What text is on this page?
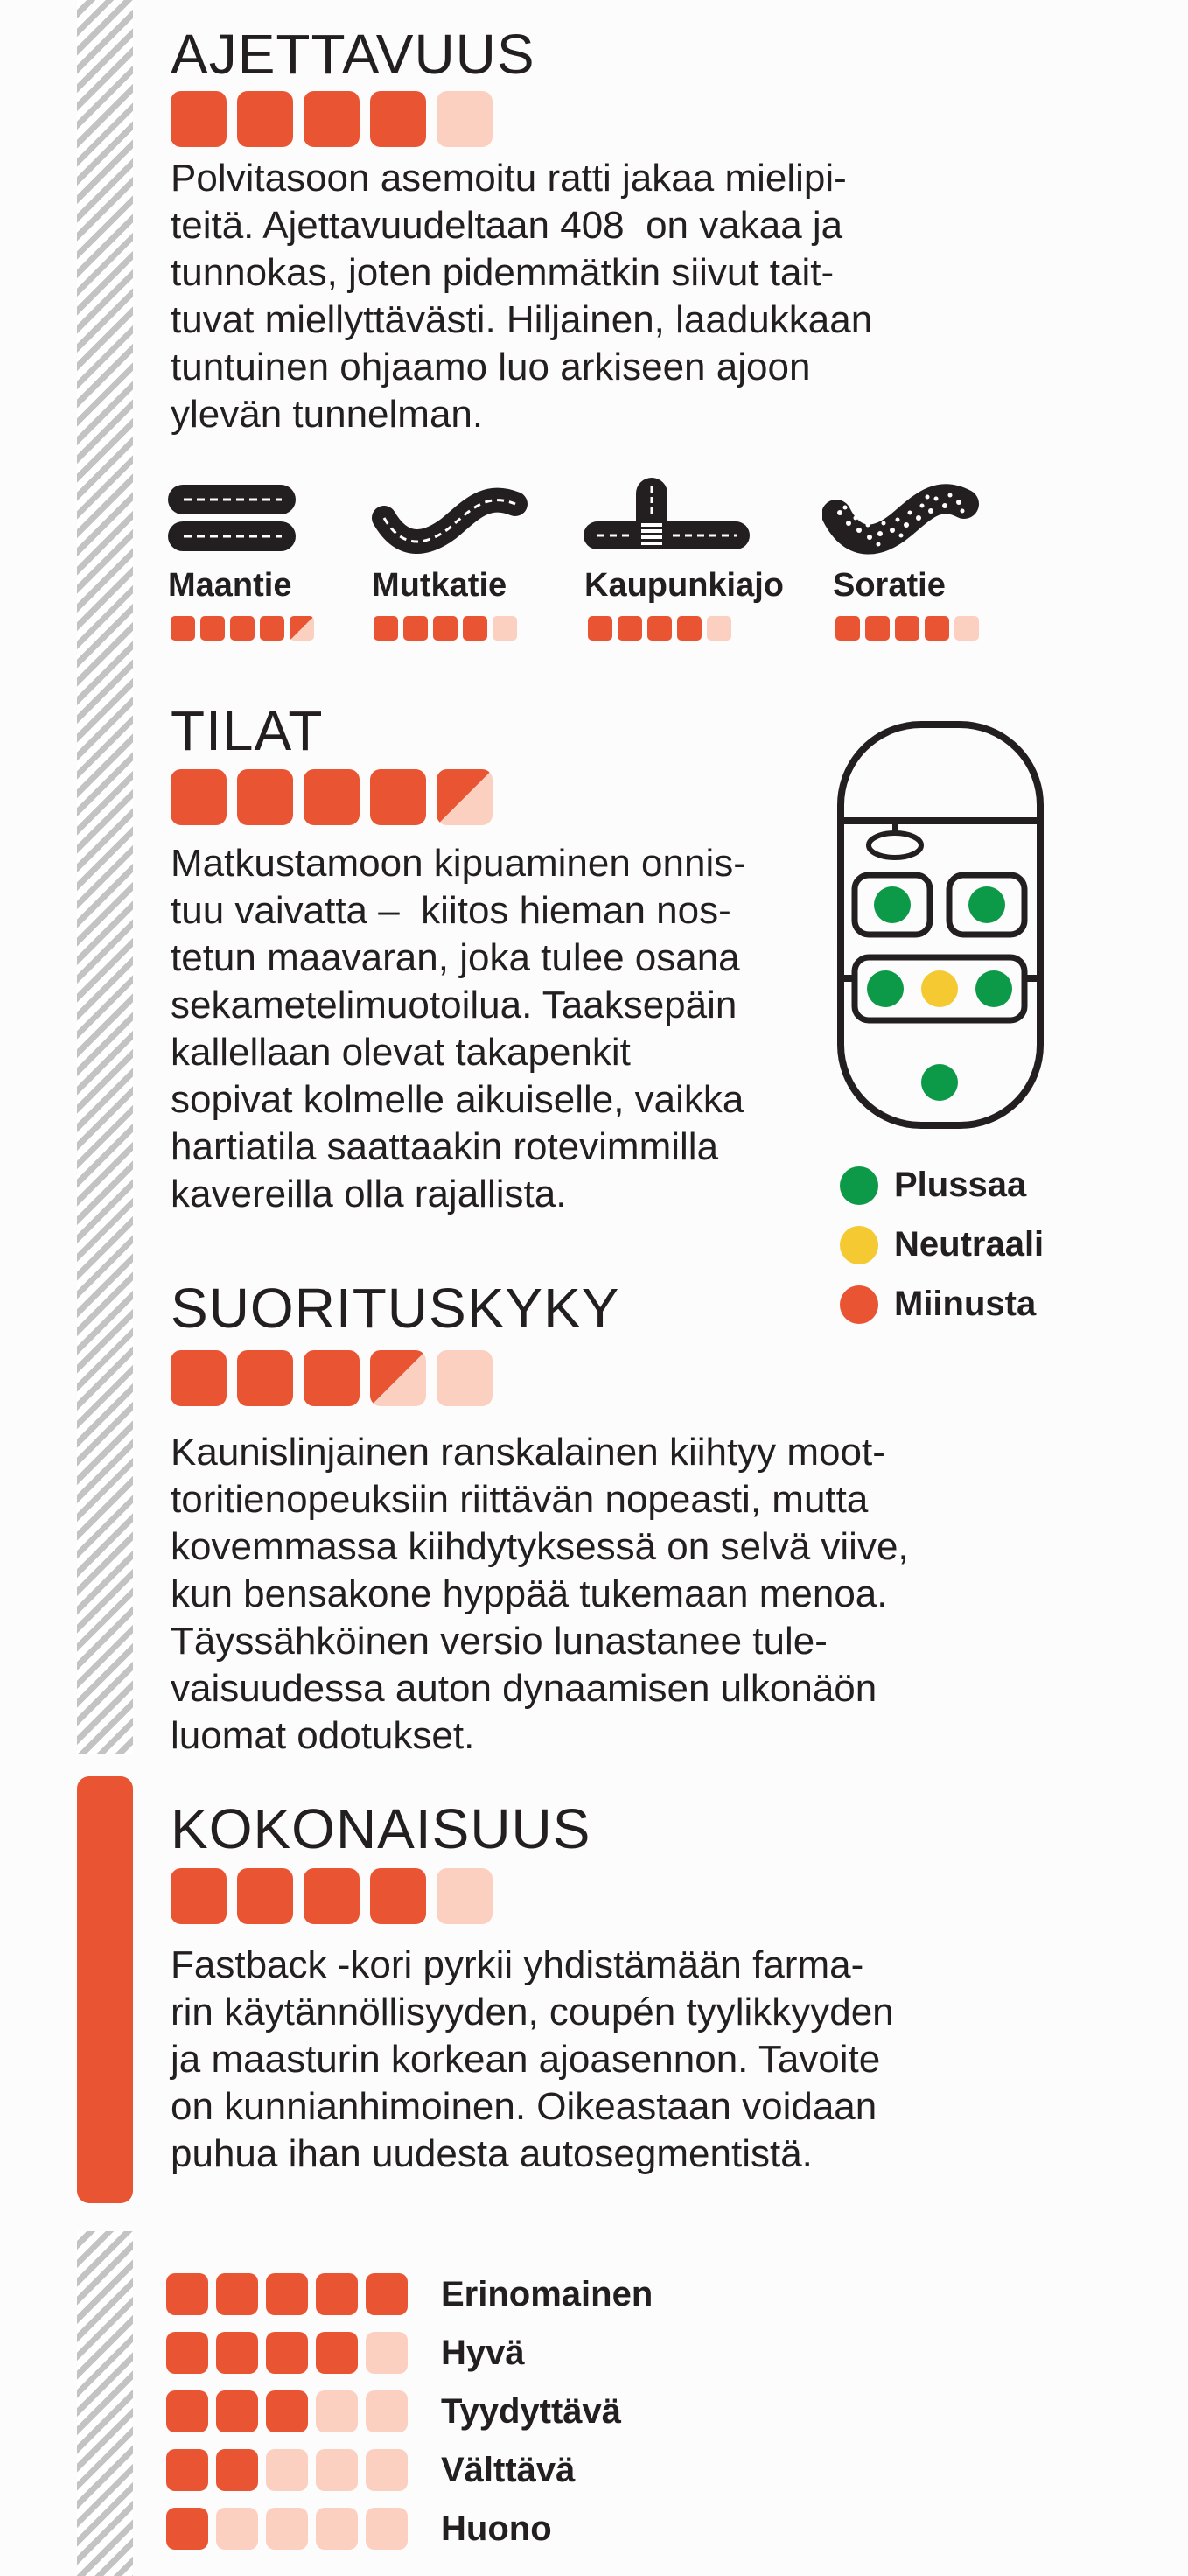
AJETTAVUUS

Polvitasoon asemoitu ratti jakaa mielipi-
teitä. Ajettavuudeltaan 408  on vakaa ja
tunnokas, joten pidemmätkin siivut tait-
tuvat miellyttävästi. Hiljainen, laadukkaan
tuntuinen ohjaamo luo arkiseen ajoon
ylevän tunnelman.

Maantie Mutkatie Kaupunkiajo Soratie
TILAT

Matkustamoon kipuaminen onnis-
tuu vaivatta –  kiitos hieman nos-
tetun maavaran, joka tulee osana
sekametelimuotoilua. Taaksepäin
kallellaan olevat takapenkit
sopivat kolmelle aikuiselle, vaikka
hartiatila saattaakin rotevimmilla
kavereilla olla rajallista.	Plussaa
Neutraali
Miinusta
SUORITUSKYKY

Kaunislinjainen ranskalainen kiihtyy moot-
toritienopeuksiin riittävän nopeasti, mutta
kovemmassa kiihdytyksessä on selvä viive,
kun bensakone hyppää tukemaan menoa.
Täyssähköinen versio lunastanee tule-
vaisuudessa auton dynaamisen ulkonäön
luomat odotukset.

KOKONAISUUS

Fastback -kori pyrkii yhdistämään farma-
rin käytännöllisyyden, coupén tyylikkyyden
ja maasturin korkean ajoasennon. Tavoite
on kunnianhimoinen. Oikeastaan voidaan
puhua ihan uudesta autosegmentistä.

Erinomainen
Hyvä
Tyydyttävä
Välttävä
Huono
